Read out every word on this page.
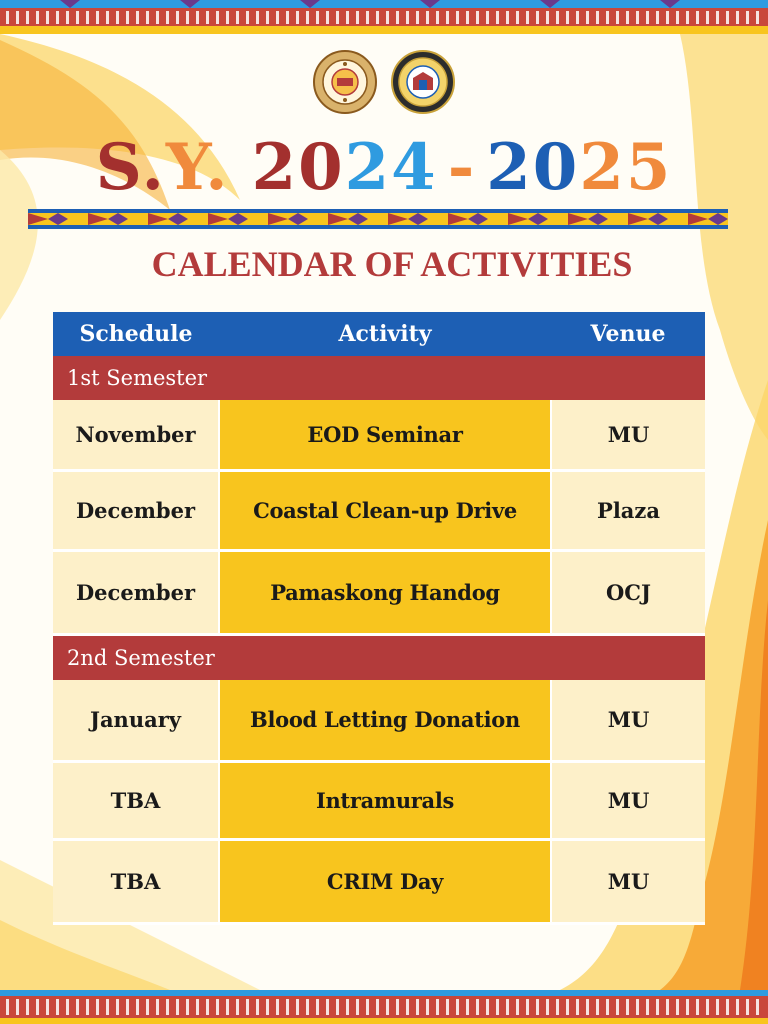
S.Y. 2024 - 2025
CALENDAR OF ACTIVITIES
Schedule	Activity	Venue
1st Semester		
November	EOD Seminar	MU
December	Coastal Clean-up Drive	Plaza
December	Pamaskong Handog	OCJ
2nd Semester		
January	Blood Letting Donation	MU
TBA	Intramurals	MU
TBA	CRIM Day	MU
